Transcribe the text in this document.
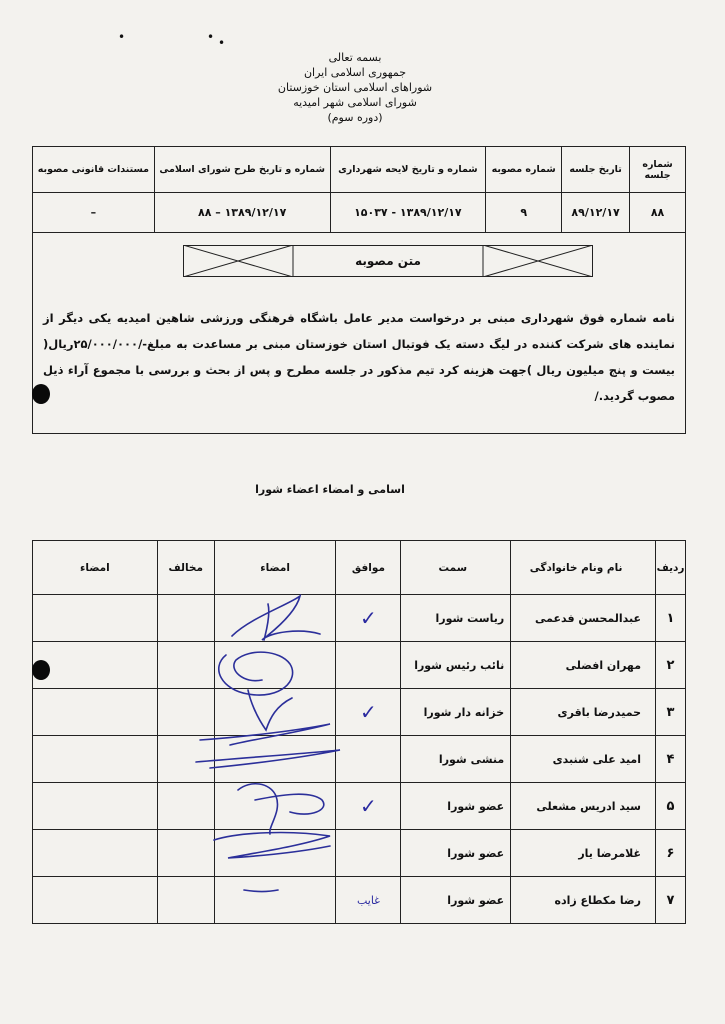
•	• •
بسمه تعالی
جمهوری اسلامی ایران
شوراهای اسلامی استان خوزستان
شورای اسلامی شهر امیدیه
(دوره سوم)
شماره جلسه	تاریخ جلسه	شماره مصوبه	شماره و تاریخ لایحه شهرداری	شماره و تاریخ طرح شورای اسلامی	مستندات قانونی مصوبه
۸۸	۸۹/۱۲/۱۷	۹	۱۳۸۹/۱۲/۱۷ - ۱۵۰۳۷	۱۳۸۹/۱۲/۱۷ – ۸۸	–
متن مصوبه
نامه شماره فوق شهرداری مبنی بر درخواست مدیر عامل باشگاه فرهنگی ورزشی شاهین امیدیه یکی دیگر از نماینده های شرکت کننده در لیگ دسته یک فوتبال استان خوزستان مبنی بر مساعدت به مبلغ-/۲۵/۰۰۰/۰۰۰ریال( بیست و پنج میلیون ریال )جهت هزینه کرد تیم مذکور در جلسه مطرح و پس از بحث و بررسی با مجموع آراء ذیل مصوب گردید./
اسامی و امضاء اعضاء شورا
ردیف	نام ونام خانوادگی	سمت	موافق	امضاء	مخالف	امضاء
۱	عبدالمحسن فدعمی	ریاست شورا	✓			
۲	مهران افضلی	نائب رئیس شورا				
۳	حمیدرضا باقری	خزانه دار شورا	✓			
۴	امید علی شنبدی	منشی شورا				
۵	سید ادریس مشعلی	عضو شورا	✓			
۶	غلامرضا یار	عضو شورا				
۷	رضا مکطاع زاده	عضو شورا	غایب			
